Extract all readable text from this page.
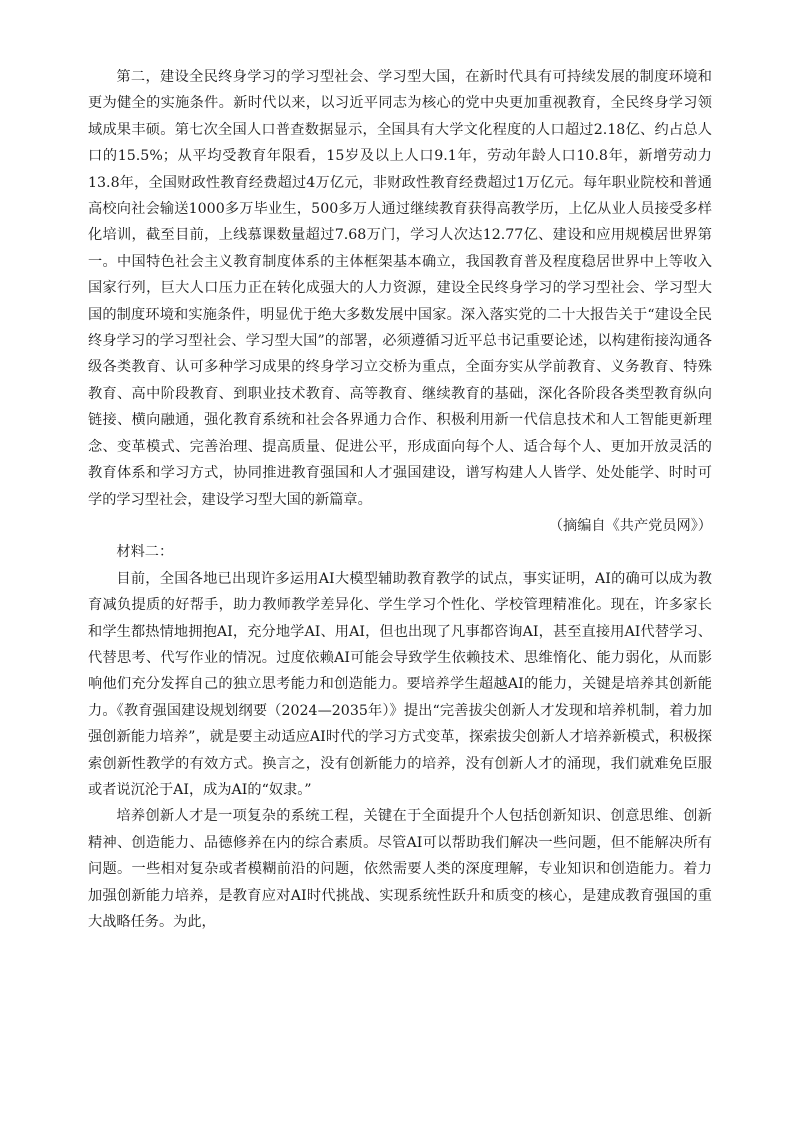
第二，建设全民终身学习的学习型社会、学习型大国，在新时代具有可持续发展的制度环境和更为健全的实施条件。新时代以来，以习近平同志为核心的党中央更加重视教育，全民终身学习领域成果丰硕。第七次全国人口普查数据显示，全国具有大学文化程度的人口超过2.18亿、约占总人口的15.5%；从平均受教育年限看，15岁及以上人口9.1年，劳动年龄人口10.8年，新增劳动力13.8年，全国财政性教育经费超过4万亿元，非财政性教育经费超过1万亿元。每年职业院校和普通高校向社会输送1000多万毕业生，500多万人通过继续教育获得高教学历，上亿从业人员接受多样化培训，截至目前，上线慕课数量超过7.68万门，学习人次达12.77亿、建设和应用规模居世界第一。中国特色社会主义教育制度体系的主体框架基本确立，我国教育普及程度稳居世界中上等收入国家行列，巨大人口压力正在转化成强大的人力资源，建设全民终身学习的学习型社会、学习型大国的制度环境和实施条件，明显优于绝大多数发展中国家。深入落实党的二十大报告关于“建设全民终身学习的学习型社会、学习型大国”的部署，必须遵循习近平总书记重要论述，以构建衔接沟通各级各类教育、认可多种学习成果的终身学习立交桥为重点，全面夯实从学前教育、义务教育、特殊教育、高中阶段教育、到职业技术教育、高等教育、继续教育的基础，深化各阶段各类型教育纵向链接、横向融通，强化教育系统和社会各界通力合作、积极利用新一代信息技术和人工智能更新理念、变革模式、完善治理、提高质量、促进公平，形成面向每个人、适合每个人、更加开放灵活的教育体系和学习方式，协同推进教育强国和人才强国建设，谱写构建人人皆学、处处能学、时时可学的学习型社会，建设学习型大国的新篇章。

（摘编自《共产党员网》）

材料二：

目前，全国各地已出现许多运用AI大模型辅助教育教学的试点，事实证明，AI的确可以成为教育减负提质的好帮手，助力教师教学差异化、学生学习个性化、学校管理精准化。现在，许多家长和学生都热情地拥抱AI，充分地学AI、用AI，但也出现了凡事都咨询AI，甚至直接用AI代替学习、代替思考、代写作业的情况。过度依赖AI可能会导致学生依赖技术、思维惰化、能力弱化，从而影响他们充分发挥自己的独立思考能力和创造能力。要培养学生超越AI的能力，关键是培养其创新能力。《教育强国建设规划纲要（2024—2035年）》提出“完善拔尖创新人才发现和培养机制，着力加强创新能力培养”，就是要主动适应AI时代的学习方式变革，探索拔尖创新人才培养新模式，积极探索创新性教学的有效方式。换言之，没有创新能力的培养，没有创新人才的涌现，我们就难免臣服或者说沉沦于AI，成为AI的“奴隶。”

培养创新人才是一项复杂的系统工程，关键在于全面提升个人包括创新知识、创意思维、创新精神、创造能力、品德修养在内的综合素质。尽管AI可以帮助我们解决一些问题，但不能解决所有问题。一些相对复杂或者模糊前沿的问题，依然需要人类的深度理解，专业知识和创造能力。着力加强创新能力培养，是教育应对AI时代挑战、实现系统性跃升和质变的核心，是建成教育强国的重大战略任务。为此，
